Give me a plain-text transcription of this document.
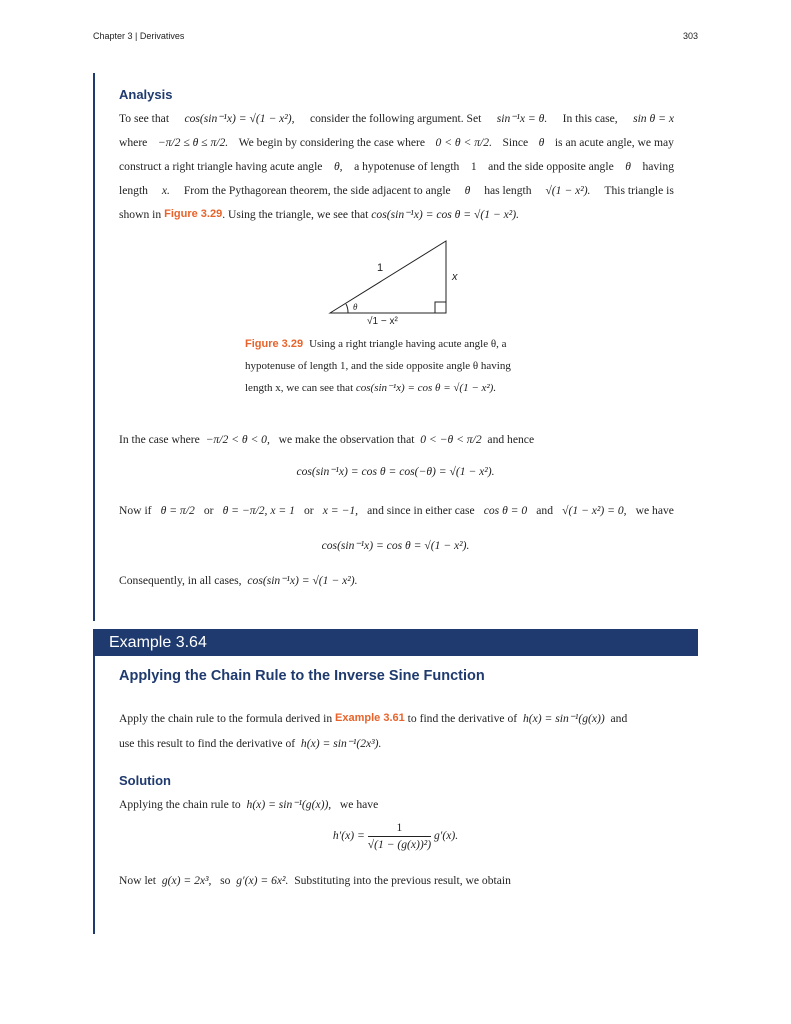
Chapter 3 | Derivatives	303
Analysis
To see that cos(sin⁻¹x) = √(1 − x²), consider the following argument. Set sin⁻¹x = θ. In this case, sin θ = x
where −π/2 ≤ θ ≤ π/2. We begin by considering the case where 0 < θ < π/2. Since θ is an acute angle, we may
construct a right triangle having acute angle θ, a hypotenuse of length 1 and the side opposite angle θ having
length x. From the Pythagorean theorem, the side adjacent to angle θ has length √(1 − x²). This triangle is
shown in
Figure 3.29 . Using the triangle, we see that
cos(sin⁻¹x) = cos θ = √(1 − x²).
1
x
θ
√1 − x²
Figure 3.29 Using a right triangle having acute angle θ, a
hypotenuse of length 1, and the side opposite angle θ having
length x, we can see that cos(sin⁻¹x) = cos θ = √(1 − x²).
In the case where
−π/2 < θ < 0,
we make the observation that
0 < −θ < π/2
and hence
cos(sin⁻¹x) = cos θ = cos(−θ) = √(1 − x²).
Now if θ = π/2 or θ = −π/2, x = 1 or x = −1, and since in either case cos θ = 0 and √(1 − x²) = 0, we have
cos(sin⁻¹x) = cos θ = √(1 − x²).
Consequently, in all cases,
cos(sin⁻¹x) = √(1 − x²).
Example 3.64
Applying the Chain Rule to the Inverse Sine Function
Apply the chain rule to the formula derived in
Example 3.61
to find the derivative of
h(x) = sin⁻¹(g(x))
and
use this result to find the derivative of
h(x) = sin⁻¹(2x³).
Solution
Applying the chain rule to
h(x) = sin⁻¹(g(x)),
we have
$h'(x) = \frac{1}{\text{√(1 − (g(x))²)}} g'(x)$.
Now let
g(x) = 2x³,
so
g′(x) = 6x².
Substituting into the previous result, we obtain
